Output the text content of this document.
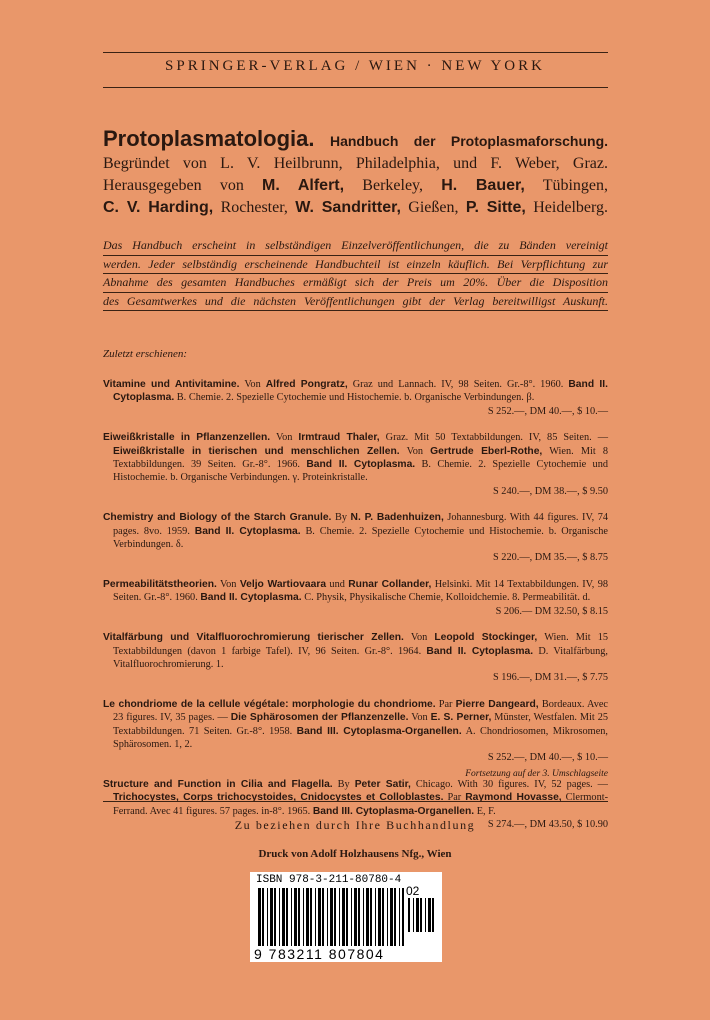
SPRINGER-VERLAG / WIEN · NEW YORK
Protoplasmatologia. Handbuch der Protoplasmaforschung.
Begründet von L. V. Heilbrunn, Philadelphia, und F. Weber, Graz.
Herausgegeben von M. Alfert, Berkeley, H. Bauer, Tübingen,
C. V. Harding, Rochester, W. Sandritter, Gießen, P. Sitte, Heidelberg.
Das Handbuch erscheint in selbständigen Einzelveröffentlichungen, die zu Bänden vereinigt
werden. Jeder selbständig erscheinende Handbuchteil ist einzeln käuflich. Bei Verpflichtung zur
Abnahme des gesamten Handbuches ermäßigt sich der Preis um 20%. Über die Disposition
des Gesamtwerkes und die nächsten Veröffentlichungen gibt der Verlag bereitwilligst Auskunft.
Zuletzt erschienen:
Vitamine und Antivitamine. Von Alfred Pongratz, Graz und Lannach. IV, 98 Seiten. Gr.-8°. 1960. Band II. Cytoplasma. B. Chemie. 2. Spezielle Cytochemie und Histochemie. b. Organische Verbindungen. β.
S 252.—, DM 40.—, $ 10.—
Eiweißkristalle in Pflanzenzellen. Von Irmtraud Thaler, Graz. Mit 50 Textabbildungen. IV, 85 Seiten. — Eiweißkristalle in tierischen und menschlichen Zellen. Von Gertrude Eberl-Rothe, Wien. Mit 8 Textabbildungen. 39 Seiten. Gr.-8°. 1966. Band II. Cytoplasma. B. Chemie. 2. Spezielle Cytochemie und Histochemie. b. Organische Verbindungen. γ. Proteinkristalle.
S 240.—, DM 38.—, $ 9.50
Chemistry and Biology of the Starch Granule. By N. P. Badenhuizen, Johannesburg. With 44 figures. IV, 74 pages. 8vo. 1959. Band II. Cytoplasma. B. Chemie. 2. Spezielle Cytochemie und Histochemie. b. Organische Verbindungen. δ.
S 220.—, DM 35.—, $ 8.75
Permeabilitätstheorien. Von Veljo Wartiovaara und Runar Collander, Helsinki. Mit 14 Textabbildungen. IV, 98 Seiten. Gr.-8°. 1960. Band II. Cytoplasma. C. Physik, Physikalische Chemie, Kolloidchemie. 8. Permeabilität. d.
S 206.— DM 32.50, $ 8.15
Vitalfärbung und Vitalfluorochromierung tierischer Zellen. Von Leopold Stockinger, Wien. Mit 15 Textabbildungen (davon 1 farbige Tafel). IV, 96 Seiten. Gr.-8°. 1964. Band II. Cytoplasma. D. Vitalfärbung, Vitalfluorochromierung. 1.
S 196.—, DM 31.—, $ 7.75
Le chondriome de la cellule végétale: morphologie du chondriome. Par Pierre Dangeard, Bordeaux. Avec 23 figures. IV, 35 pages. — Die Sphärosomen der Pflanzenzelle. Von E. S. Perner, Münster, Westfalen. Mit 25 Textabbildungen. 71 Seiten. Gr.-8°. 1958. Band III. Cytoplasma-Organellen. A. Chondriosomen, Mikrosomen, Sphärosomen. 1, 2.
S 252.—, DM 40.—, $ 10.—
Structure and Function in Cilia and Flagella. By Peter Satir, Chicago. With 30 figures. IV, 52 pages. — Trichocystes, Corps trichocystoides, Cnidocystes et Colloblastes. Par Raymond Hovasse, Clermont-Ferrand. Avec 41 figures. 57 pages. in-8°. 1965. Band III. Cytoplasma-Organellen. E, F.
S 274.—, DM 43.50, $ 10.90
Fortsetzung auf der 3. Umschlagseite
Zu beziehen durch Ihre Buchhandlung
Druck von Adolf Holzhausens Nfg., Wien
ISBN 978-3-211-80780-4
02
9 783211 807804
